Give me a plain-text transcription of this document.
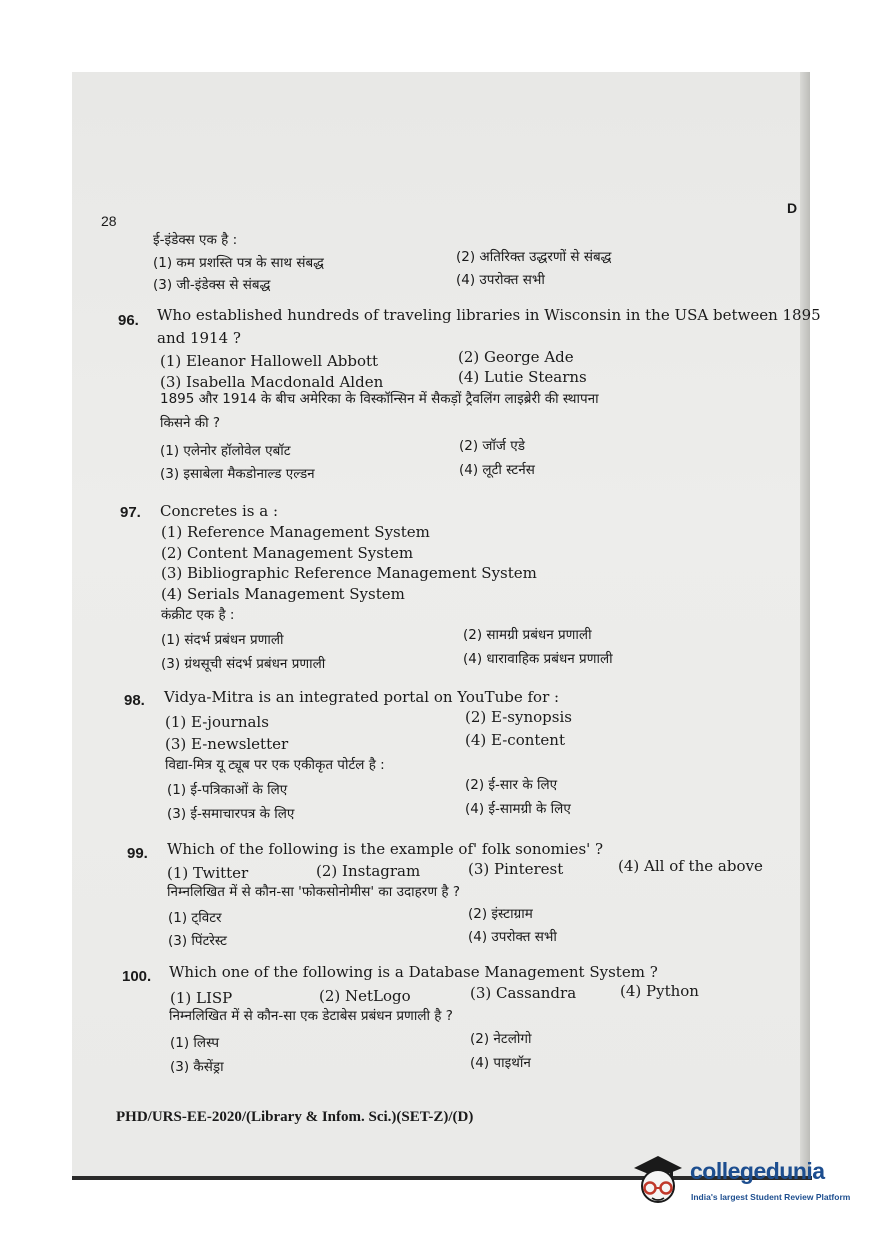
28
D
ई-इंडेक्स एक है :
(1) कम प्रशस्ति पत्र के साथ संबद्ध	(2) अतिरिक्त उद्धरणों से संबद्ध
(3) जी-इंडेक्स से संबद्ध	(4) उपरोक्त सभी
96. Who established hundreds of traveling libraries in Wisconsin in the USA between 1895
and 1914 ?
(1) Eleanor Hallowell Abbott	(2) George Ade
(3) Isabella Macdonald Alden	(4) Lutie Stearns
1895 और 1914 के बीच अमेरिका के विस्कॉन्सिन में सैकड़ों ट्रैवलिंग लाइब्रेरी की स्थापना
किसने की ?
(1) एलेनोर हॉलोवेल एबॉट	(2) जॉर्ज एडे
(3) इसाबेला मैकडोनाल्ड एल्डन	(4) लूटी स्टर्नस
97. Concretes is a :
(1) Reference Management System
(2) Content Management System
(3) Bibliographic Reference Management System
(4) Serials Management System
कंक्रीट एक है :
(1) संदर्भ प्रबंधन प्रणाली	(2) सामग्री प्रबंधन प्रणाली
(3) ग्रंथसूची संदर्भ प्रबंधन प्रणाली	(4) धारावाहिक प्रबंधन प्रणाली
98. Vidya-Mitra is an integrated portal on YouTube for :
(1) E-journals	(2) E-synopsis
(3) E-newsletter	(4) E-content
विद्या-मित्र यू ट्यूब पर एक एकीकृत पोर्टल है :
(1) ई-पत्रिकाओं के लिए	(2) ई-सार के लिए
(3) ई-समाचारपत्र के लिए	(4) ई-सामग्री के लिए
99. Which of the following is the example of' folk sonomies' ?
(1) Twitter	(2) Instagram	(3) Pinterest	(4) All of the above
निम्नलिखित में से कौन-सा 'फोकसोनोमीस' का उदाहरण है ?
(1) ट्विटर	(2) इंस्टाग्राम
(3) पिंटरेस्ट	(4) उपरोक्त सभी
100. Which one of the following is a Database Management System ?
(1) LISP	(2) NetLogo	(3) Cassandra	(4) Python
निम्नलिखित में से कौन-सा एक डेटाबेस प्रबंधन प्रणाली है ?
(1) लिस्प	(2) नेटलोगो
(3) कैसेंड्रा	(4) पाइथॉन
PHD/URS-EE-2020/(Library & Infom. Sci.)(SET-Z)/(D)
collegedunia
India's largest Student Review Platform
